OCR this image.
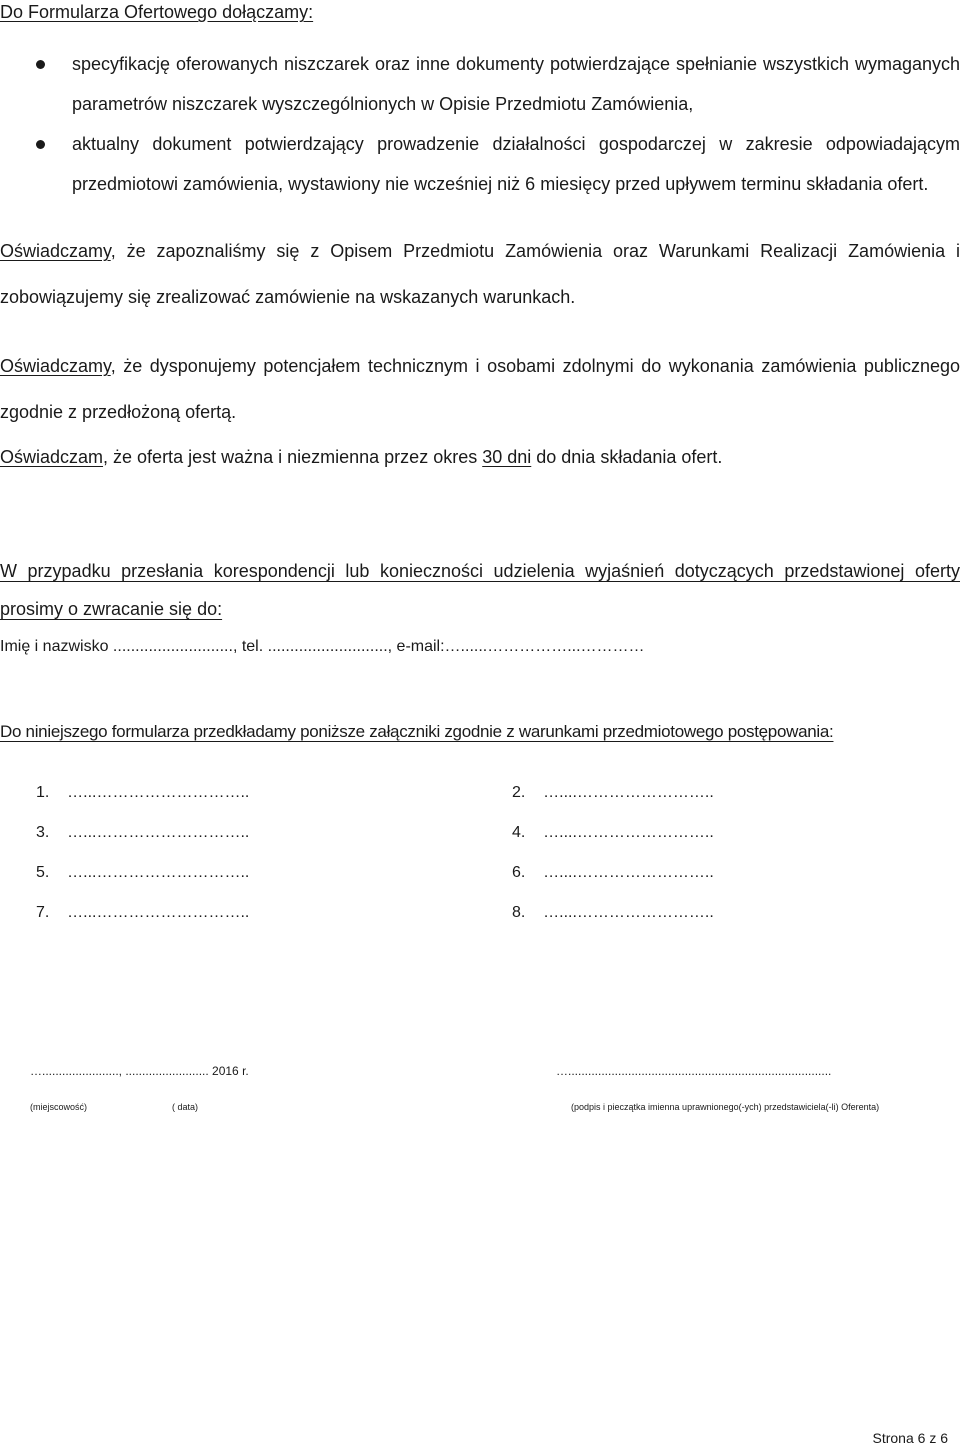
Do Formularza Ofertowego dołączamy:
specyfikację oferowanych niszczarek oraz inne dokumenty potwierdzające spełnianie wszystkich wymaganych parametrów niszczarek wyszczególnionych w Opisie Przedmiotu Zamówienia,
aktualny dokument potwierdzający prowadzenie działalności gospodarczej w zakresie odpowiadającym przedmiotowi zamówienia, wystawiony nie wcześniej niż 6 miesięcy przed upływem terminu składania ofert.
Oświadczamy, że zapoznaliśmy się z Opisem Przedmiotu Zamówienia oraz Warunkami Realizacji Zamówienia i zobowiązujemy się zrealizować zamówienie na wskazanych warunkach.
Oświadczamy, że dysponujemy potencjałem technicznym i osobami zdolnymi do wykonania zamówienia publicznego zgodnie z przedłożoną ofertą.
Oświadczam, że oferta jest ważna i niezmienna przez okres 30 dni do dnia składania ofert.
W przypadku przesłania korespondencji lub konieczności udzielenia wyjaśnień dotyczących przedstawionej oferty prosimy o zwracanie się do:
Imię i nazwisko ..........................., tel. ..........................., e-mail:…......……………...…………
Do niniejszego formularza przedkładamy poniższe załączniki zgodnie z warunkami przedmiotowego postępowania:
1. …...………………………..	2. …....……………………..
3. …...………………………..	4. …....……………………..
5. …...………………………..	6. …....……………………..
7. …...………………………..	8. …....……………………..
…......................., ......................... 2016 r.	…...............................................................................
(miejscowość)	( data)	(podpis i pieczątka imienna uprawnionego(-ych) przedstawiciela(-li) Oferenta)
Strona 6 z 6
